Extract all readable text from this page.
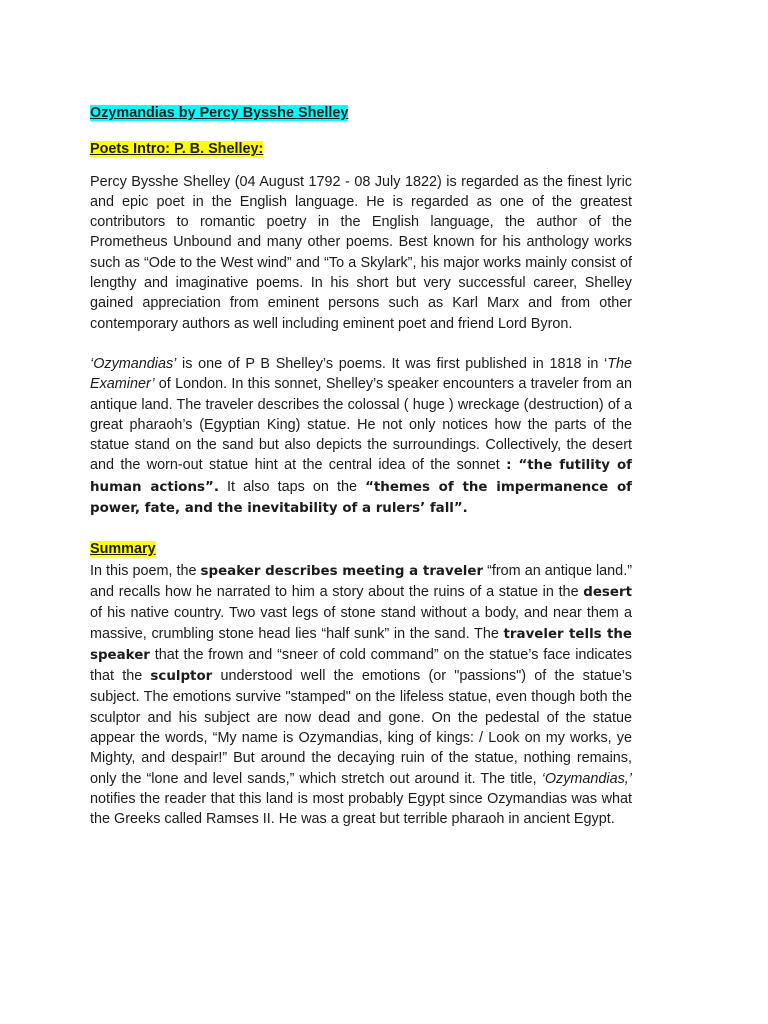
Ozymandias by Percy Bysshe Shelley

Poets Intro: P. B. Shelley:

Percy Bysshe Shelley (04 August 1792 - 08 July 1822) is regarded as the finest lyric and epic poet in the English language. He is regarded as one of the greatest contributors to romantic poetry in the English language, the author of the Prometheus Unbound and many other poems. Best known for his anthology works such as “Ode to the West wind” and “To a Skylark”, his major works mainly consist of lengthy and imaginative poems. In his short but very successful career, Shelley gained appreciation from eminent persons such as Karl Marx and from other contemporary authors as well including eminent poet and friend Lord Byron.

‘Ozymandias’ is one of P B Shelley’s poems. It was first published in 1818 in ‘The Examiner’ of London. In this sonnet, Shelley’s speaker encounters a traveler from an antique land. The traveler describes the colossal ( huge ) wreckage (destruction) of a great pharaoh’s (Egyptian King) statue. He not only notices how the parts of the statue stand on the sand but also depicts the surroundings. Collectively, the desert and the worn-out statue hint at the central idea of the sonnet : “the futility of human actions”. It also taps on the “themes of the impermanence of power, fate, and the inevitability of a rulers’ fall”.

Summary

In this poem, the speaker describes meeting a traveler “from an antique land.” and recalls how he narrated to him a story about the ruins of a statue in the desert of his native country. Two vast legs of stone stand without a body, and near them a massive, crumbling stone head lies “half sunk” in the sand. The traveler tells the speaker that the frown and “sneer of cold command” on the statue’s face indicates that the sculptor understood well the emotions (or "passions") of the statue’s subject. The emotions survive "stamped" on the lifeless statue, even though both the sculptor and his subject are now dead and gone. On the pedestal of the statue appear the words, “My name is Ozymandias, king of kings: / Look on my works, ye Mighty, and despair!” But around the decaying ruin of the statue, nothing remains, only the “lone and level sands,” which stretch out around it. The title, ‘Ozymandias,’ notifies the reader that this land is most probably Egypt since Ozymandias was what the Greeks called Ramses II. He was a great but terrible pharaoh in ancient Egypt.
